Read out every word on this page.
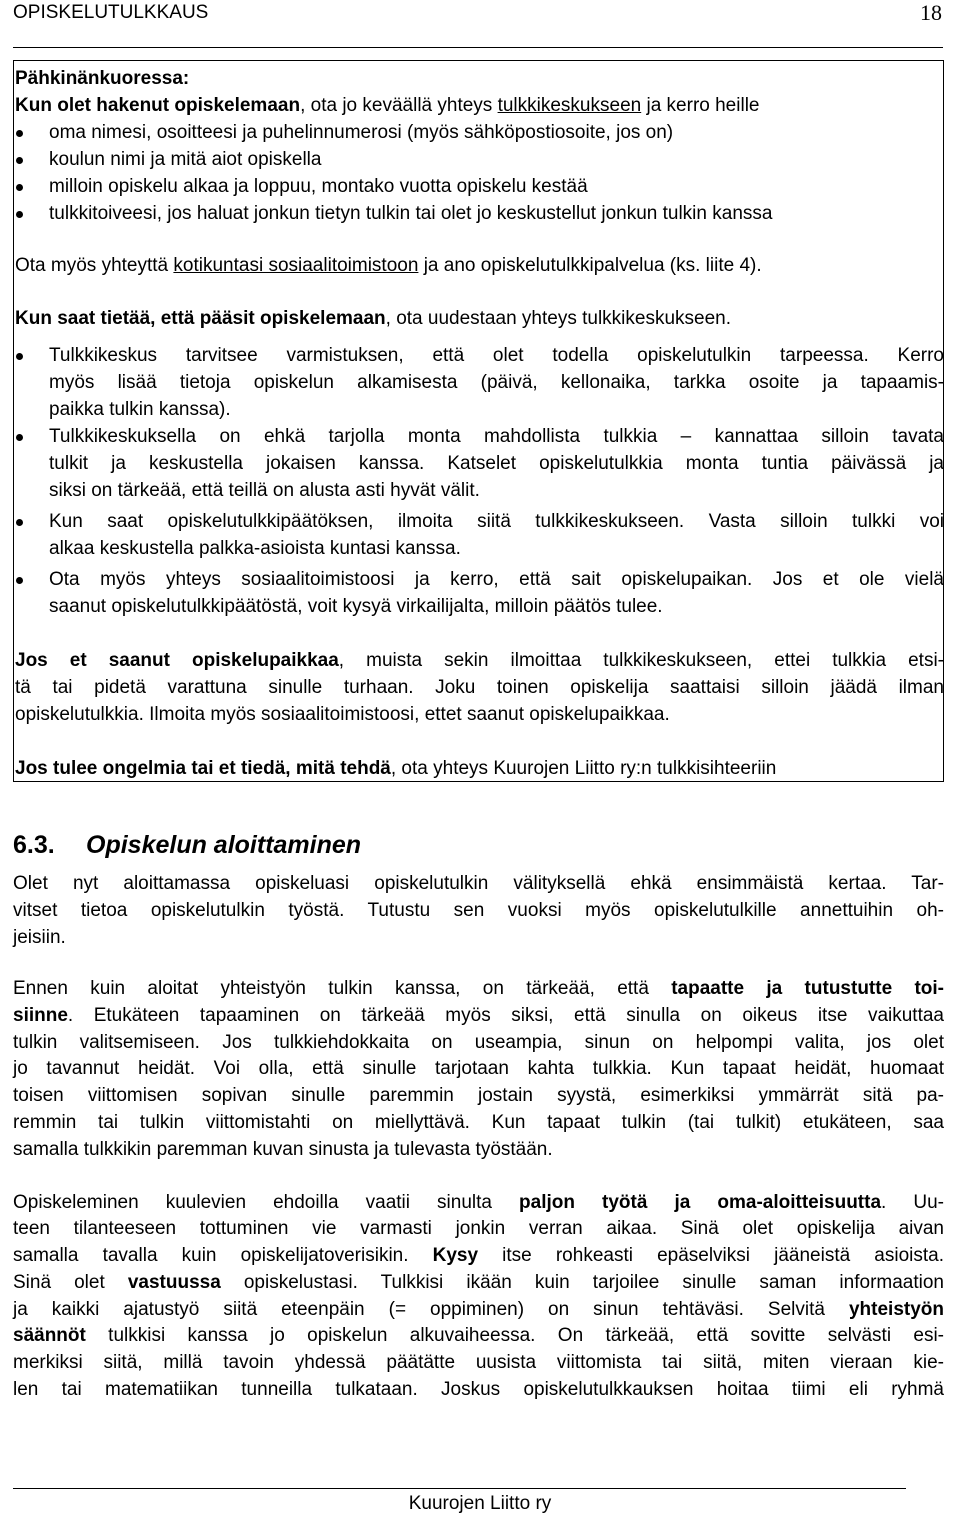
OPISKELUTULKKAUS	18
Pähkinänkuoressa:
Kun olet hakenut opiskelemaan, ota jo keväällä yhteys tulkkikeskukseen ja kerro heille
oma nimesi, osoitteesi ja puhelinnumerosi (myös sähköpostiosoite, jos on)
koulun nimi ja mitä aiot opiskella
milloin opiskelu alkaa ja loppuu, montako vuotta opiskelu kestää
tulkkitoiveesi, jos haluat jonkun tietyn tulkin tai olet jo keskustellut jonkun tulkin kanssa
Ota myös yhteyttä kotikuntasi sosiaalitoimistoon ja ano opiskelutulkkipalvelua (ks. liite 4).
Kun saat tietää, että pääsit opiskelemaan, ota uudestaan yhteys tulkkikeskukseen.
Tulkkikeskus tarvitsee varmistuksen, että olet todella opiskelutulkin tarpeessa. Kerro
myös lisää tietoja opiskelun alkamisesta (päivä, kellonaika, tarkka osoite ja tapaamis-
paikka tulkin kanssa).
Tulkkikeskuksella on ehkä tarjolla monta mahdollista tulkkia – kannattaa silloin tavata
tulkit ja keskustella jokaisen kanssa. Katselet opiskelutulkkia monta tuntia päivässä ja
siksi on tärkeää, että teillä on alusta asti hyvät välit.
Kun saat opiskelutulkkipäätöksen, ilmoita siitä tulkkikeskukseen. Vasta silloin tulkki voi
alkaa keskustella palkka-asioista kuntasi kanssa.
Ota myös yhteys sosiaalitoimistoosi ja kerro, että sait opiskelupaikan. Jos et ole vielä
saanut opiskelutulkkipäätöstä, voit kysyä virkailijalta, milloin päätös tulee.
Jos et saanut opiskelupaikkaa, muista sekin ilmoittaa tulkkikeskukseen, ettei tulkkia etsi-
tä tai pidetä varattuna sinulle turhaan. Joku toinen opiskelija saattaisi silloin jäädä ilman
opiskelutulkkia. Ilmoita myös sosiaalitoimistoosi, ettet saanut opiskelupaikkaa.
Jos tulee ongelmia tai et tiedä, mitä tehdä, ota yhteys Kuurojen Liitto ry:n tulkkisihteeriin
6.3. Opiskelun aloittaminen
Olet nyt aloittamassa opiskeluasi opiskelutulkin välityksellä ehkä ensimmäistä kertaa. Tar-
vitset tietoa opiskelutulkin työstä. Tutustu sen vuoksi myös opiskelutulkille annettuihin oh-
jeisiin.
Ennen kuin aloitat yhteistyön tulkin kanssa, on tärkeää, että tapaatte ja tutustutte toi-
siinne. Etukäteen tapaaminen on tärkeää myös siksi, että sinulla on oikeus itse vaikuttaa
tulkin valitsemiseen. Jos tulkkiehdokkaita on useampia, sinun on helpompi valita, jos olet
jo tavannut heidät. Voi olla, että sinulle tarjotaan kahta tulkkia. Kun tapaat heidät, huomaat
toisen viittomisen sopivan sinulle paremmin jostain syystä, esimerkiksi ymmärrät sitä pa-
remmin tai tulkin viittomistahti on miellyttävä. Kun tapaat tulkin (tai tulkit) etukäteen, saa
samalla tulkkikin paremman kuvan sinusta ja tulevasta työstään.
Opiskeleminen kuulevien ehdoilla vaatii sinulta paljon työtä ja oma-aloitteisuutta. Uu-
teen tilanteeseen tottuminen vie varmasti jonkin verran aikaa. Sinä olet opiskelija aivan
samalla tavalla kuin opiskelijatoverisikin. Kysy itse rohkeasti epäselviksi jääneistä asioista.
Sinä olet vastuussa opiskelustasi. Tulkkisi ikään kuin tarjoilee sinulle saman informaation
ja kaikki ajatustyö siitä eteenpäin (= oppiminen) on sinun tehtäväsi. Selvitä yhteistyön
säännöt tulkkisi kanssa jo opiskelun alkuvaiheessa. On tärkeää, että sovitte selvästi esi-
merkiksi siitä, millä tavoin yhdessä päätätte uusista viittomista tai siitä, miten vieraan kie-
len tai matematiikan tunneilla tulkataan. Joskus opiskelutulkkauksen hoitaa tiimi eli ryhmä
Kuurojen Liitto ry
